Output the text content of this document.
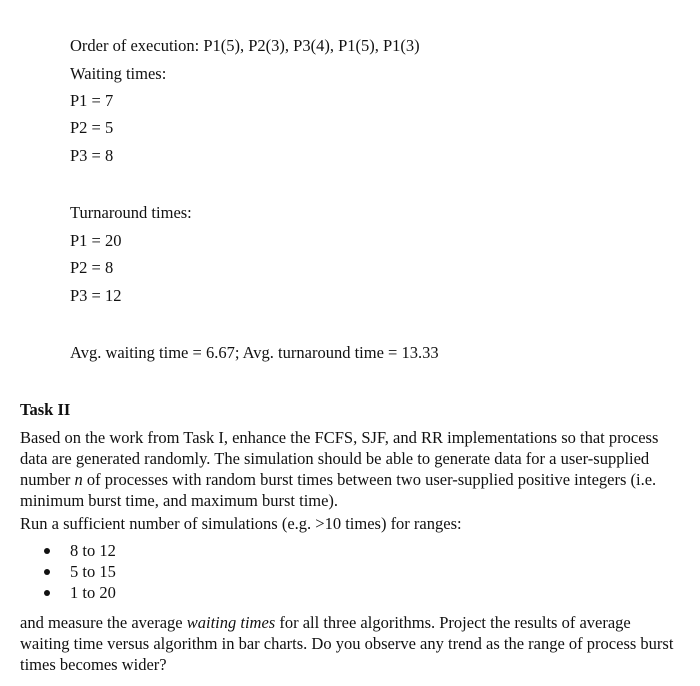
Order of execution: P1(5), P2(3), P3(4), P1(5), P1(3)
Waiting times:
P1 = 7
P2 = 5
P3 = 8
Turnaround times:
P1 = 20
P2 = 8
P3 = 12
Avg. waiting time = 6.67; Avg. turnaround time = 13.33
Task II
Based on the work from Task I, enhance the FCFS, SJF, and RR implementations so that process data are generated randomly. The simulation should be able to generate data for a user-supplied number n of processes with random burst times between two user-supplied positive integers (i.e. minimum burst time, and maximum burst time).
Run a sufficient number of simulations (e.g. >10 times) for ranges:
8 to 12
5 to 15
1 to 20
and measure the average waiting times for all three algorithms. Project the results of average waiting time versus algorithm in bar charts. Do you observe any trend as the range of process burst times becomes wider?
